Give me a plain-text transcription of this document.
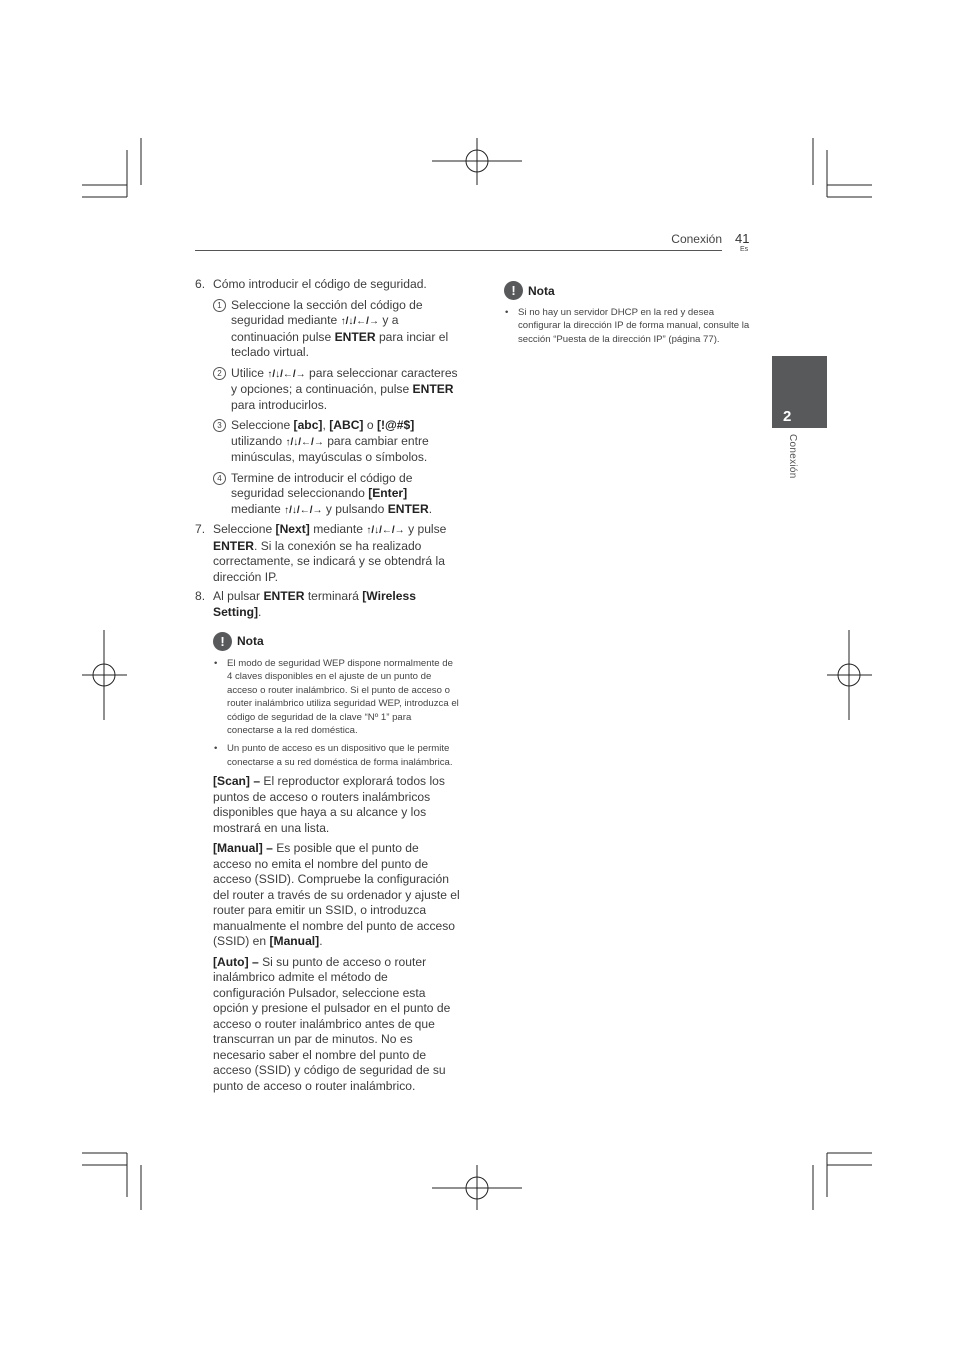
Conexión 41
Es
2
Conexión
6. Cómo introducir el código de seguridad.
1 Seleccione la sección del código de seguridad mediante ↑/↓/←/→ y a continuación pulse ENTER para inciar el teclado virtual.
2 Utilice ↑/↓/←/→ para seleccionar caracteres y opciones; a continuación, pulse ENTER para introducirlos.
3 Seleccione [abc], [ABC] o [!@#$] utilizando ↑/↓/←/→ para cambiar entre minúsculas, mayúsculas o símbolos.
4 Termine de introducir el código de seguridad seleccionando [Enter] mediante ↑/↓/←/→ y pulsando ENTER.
7. Seleccione [Next] mediante ↑/↓/←/→ y pulse ENTER. Si la conexión se ha realizado correctamente, se indicará y se obtendrá la dirección IP.
8. Al pulsar ENTER terminará [Wireless Setting].
!	Nota
• El modo de seguridad WEP dispone normalmente de 4 claves disponibles en el ajuste de un punto de acceso o router inalámbrico. Si el punto de acceso o router inalámbrico utiliza seguridad WEP, introduzca el código de seguridad de la clave “Nº 1” para conectarse a la red doméstica.
• Un punto de acceso es un dispositivo que le permite conectarse a su red doméstica de forma inalámbrica.

[Scan] – El reproductor explorará todos los puntos de acceso o routers inalámbricos disponibles que haya a su alcance y los mostrará en una lista.

[Manual] – Es posible que el punto de acceso no emita el nombre del punto de acceso (SSID). Compruebe la configuración del router a través de su ordenador y ajuste el router para emitir un SSID, o introduzca manualmente el nombre del punto de acceso (SSID) en [Manual].

[Auto] – Si su punto de acceso o router inalámbrico admite el método de configuración Pulsador, seleccione esta opción y presione el pulsador en el punto de acceso o router inalámbrico antes de que transcurran un par de minutos. No es necesario saber el nombre del punto de acceso (SSID) y código de seguridad de su punto de acceso o router inalámbrico.

!	Nota
• Si no hay un servidor DHCP en la red y desea configurar la dirección IP de forma manual, consulte la sección “Puesta de la dirección IP” (página 77).
